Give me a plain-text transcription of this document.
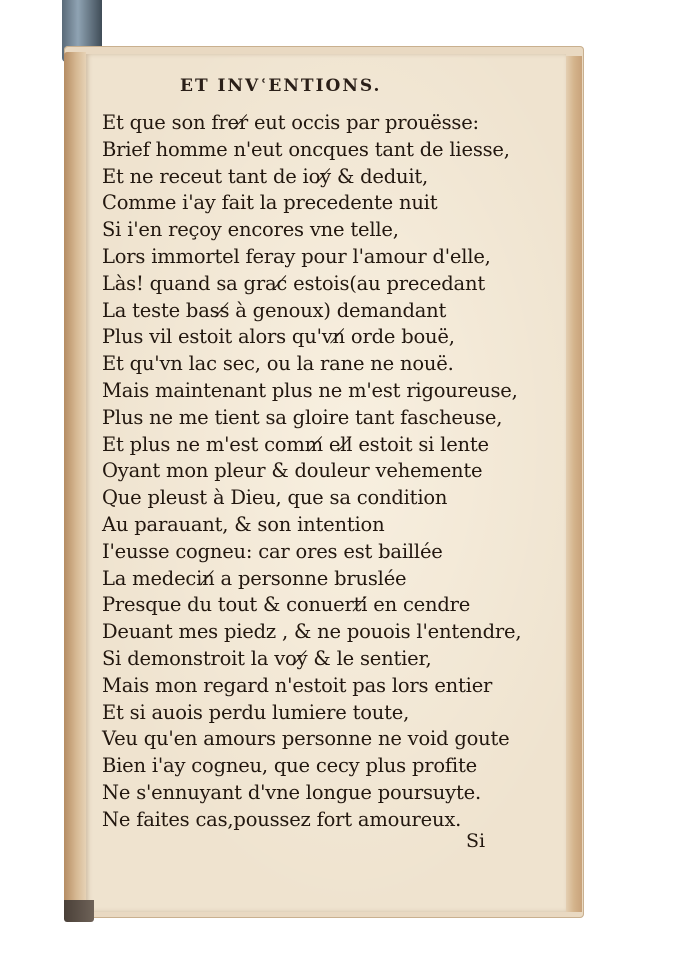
ET INVʿENTIONS.
Et que son frer̸ eut occis par prouësse:
Brief homme n'eut oncques tant de liesse,
Et ne receut tant de ioy̸ & deduit,
Comme i'ay fait la precedente nuit
Si i'en reçoy encores vne telle,
Lors immortel feray pour l'amour d'elle,
Làs! quand sa grac̸ estois(au precedant
La teste bass̸ à genoux) demandant
Plus vil estoit alors qu'vn̸ orde bouë,
Et qu'vn lac sec, ou la rane ne nouë.
Mais maintenant plus ne m'est rigoureuse,
Plus ne me tient sa gloire tant fascheuse,
Et plus ne m'est comm̸ ell̸ estoit si lente
Oyant mon pleur & douleur vehemente
Que pleust à Dieu, que sa condition
Au parauant, & son intention
I'eusse cogneu: car ores est baillée
La medecin̸ a personne bruslée
Presque du tout & conuerti̸ en cendre
Deuant mes piedz , & ne pouois l'entendre,
Si demonstroit la voy̸ & le sentier,
Mais mon regard n'estoit pas lors entier
Et si auois perdu lumiere toute,
Veu qu'en amours personne ne void goute
Bien i'ay cogneu, que cecy plus profite
Ne s'ennuyant d'vne longue poursuyte.
Ne faites cas,poussez fort amoureux.
Si
